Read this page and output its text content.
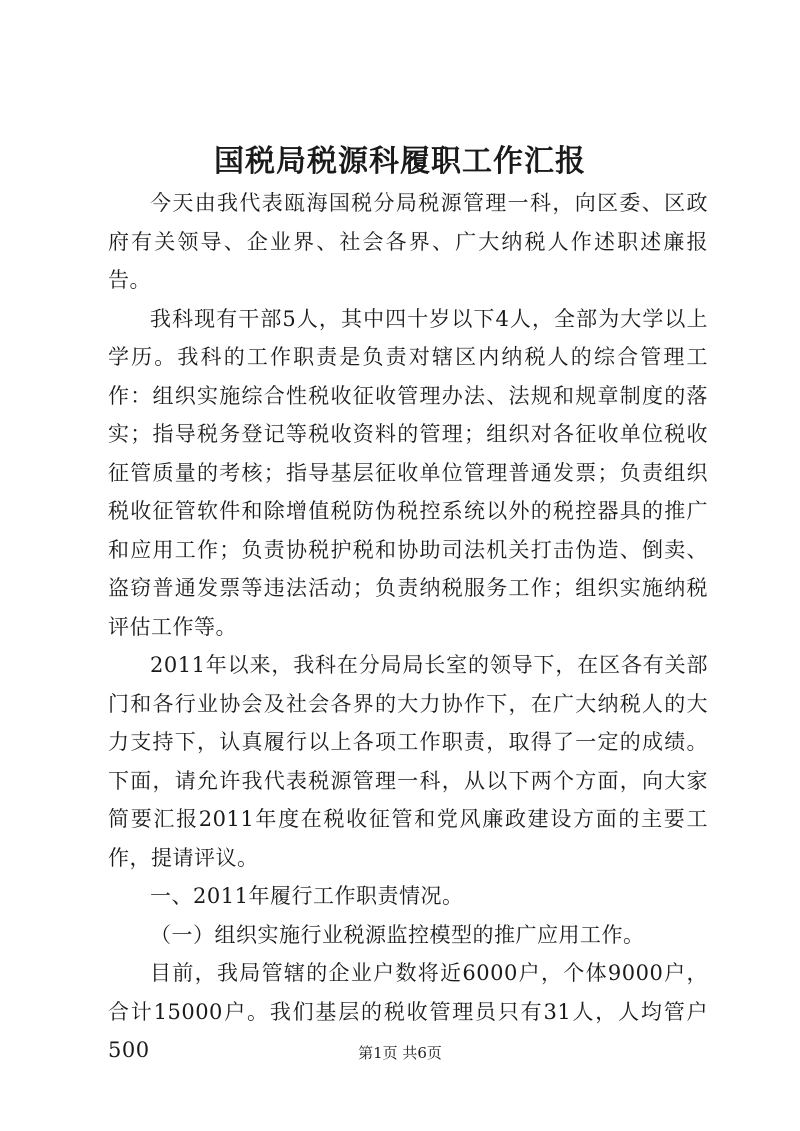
国税局税源科履职工作汇报

今天由我代表瓯海国税分局税源管理一科，向区委、区政府有关领导、企业界、社会各界、广大纳税人作述职述廉报告。

我科现有干部5人，其中四十岁以下4人，全部为大学以上学历。我科的工作职责是负责对辖区内纳税人的综合管理工作：组织实施综合性税收征收管理办法、法规和规章制度的落实；指导税务登记等税收资料的管理；组织对各征收单位税收征管质量的考核；指导基层征收单位管理普通发票；负责组织税收征管软件和除增值税防伪税控系统以外的税控器具的推广和应用工作；负责协税护税和协助司法机关打击伪造、倒卖、盗窃普通发票等违法活动；负责纳税服务工作；组织实施纳税评估工作等。

2011年以来，我科在分局局长室的领导下，在区各有关部门和各行业协会及社会各界的大力协作下，在广大纳税人的大力支持下，认真履行以上各项工作职责，取得了一定的成绩。下面，请允许我代表税源管理一科，从以下两个方面，向大家简要汇报2011年度在税收征管和党风廉政建设方面的主要工作，提请评议。

一、2011年履行工作职责情况。

（一）组织实施行业税源监控模型的推广应用工作。

目前，我局管辖的企业户数将近6000户，个体9000户，合计15000户。我们基层的税收管理员只有31人，人均管户500	第1页 共6页
